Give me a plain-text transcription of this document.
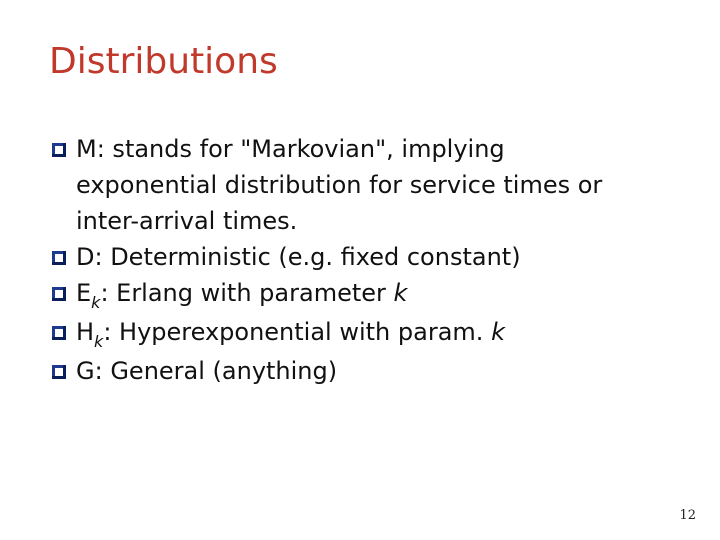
Distributions
M: stands for "Markovian", implying
exponential distribution for service times or
inter-arrival times.
D: Deterministic (e.g. fixed constant)
$E_k$: Erlang with parameter k
$H_k$: Hyperexponential with param. k
G: General (anything)
12
